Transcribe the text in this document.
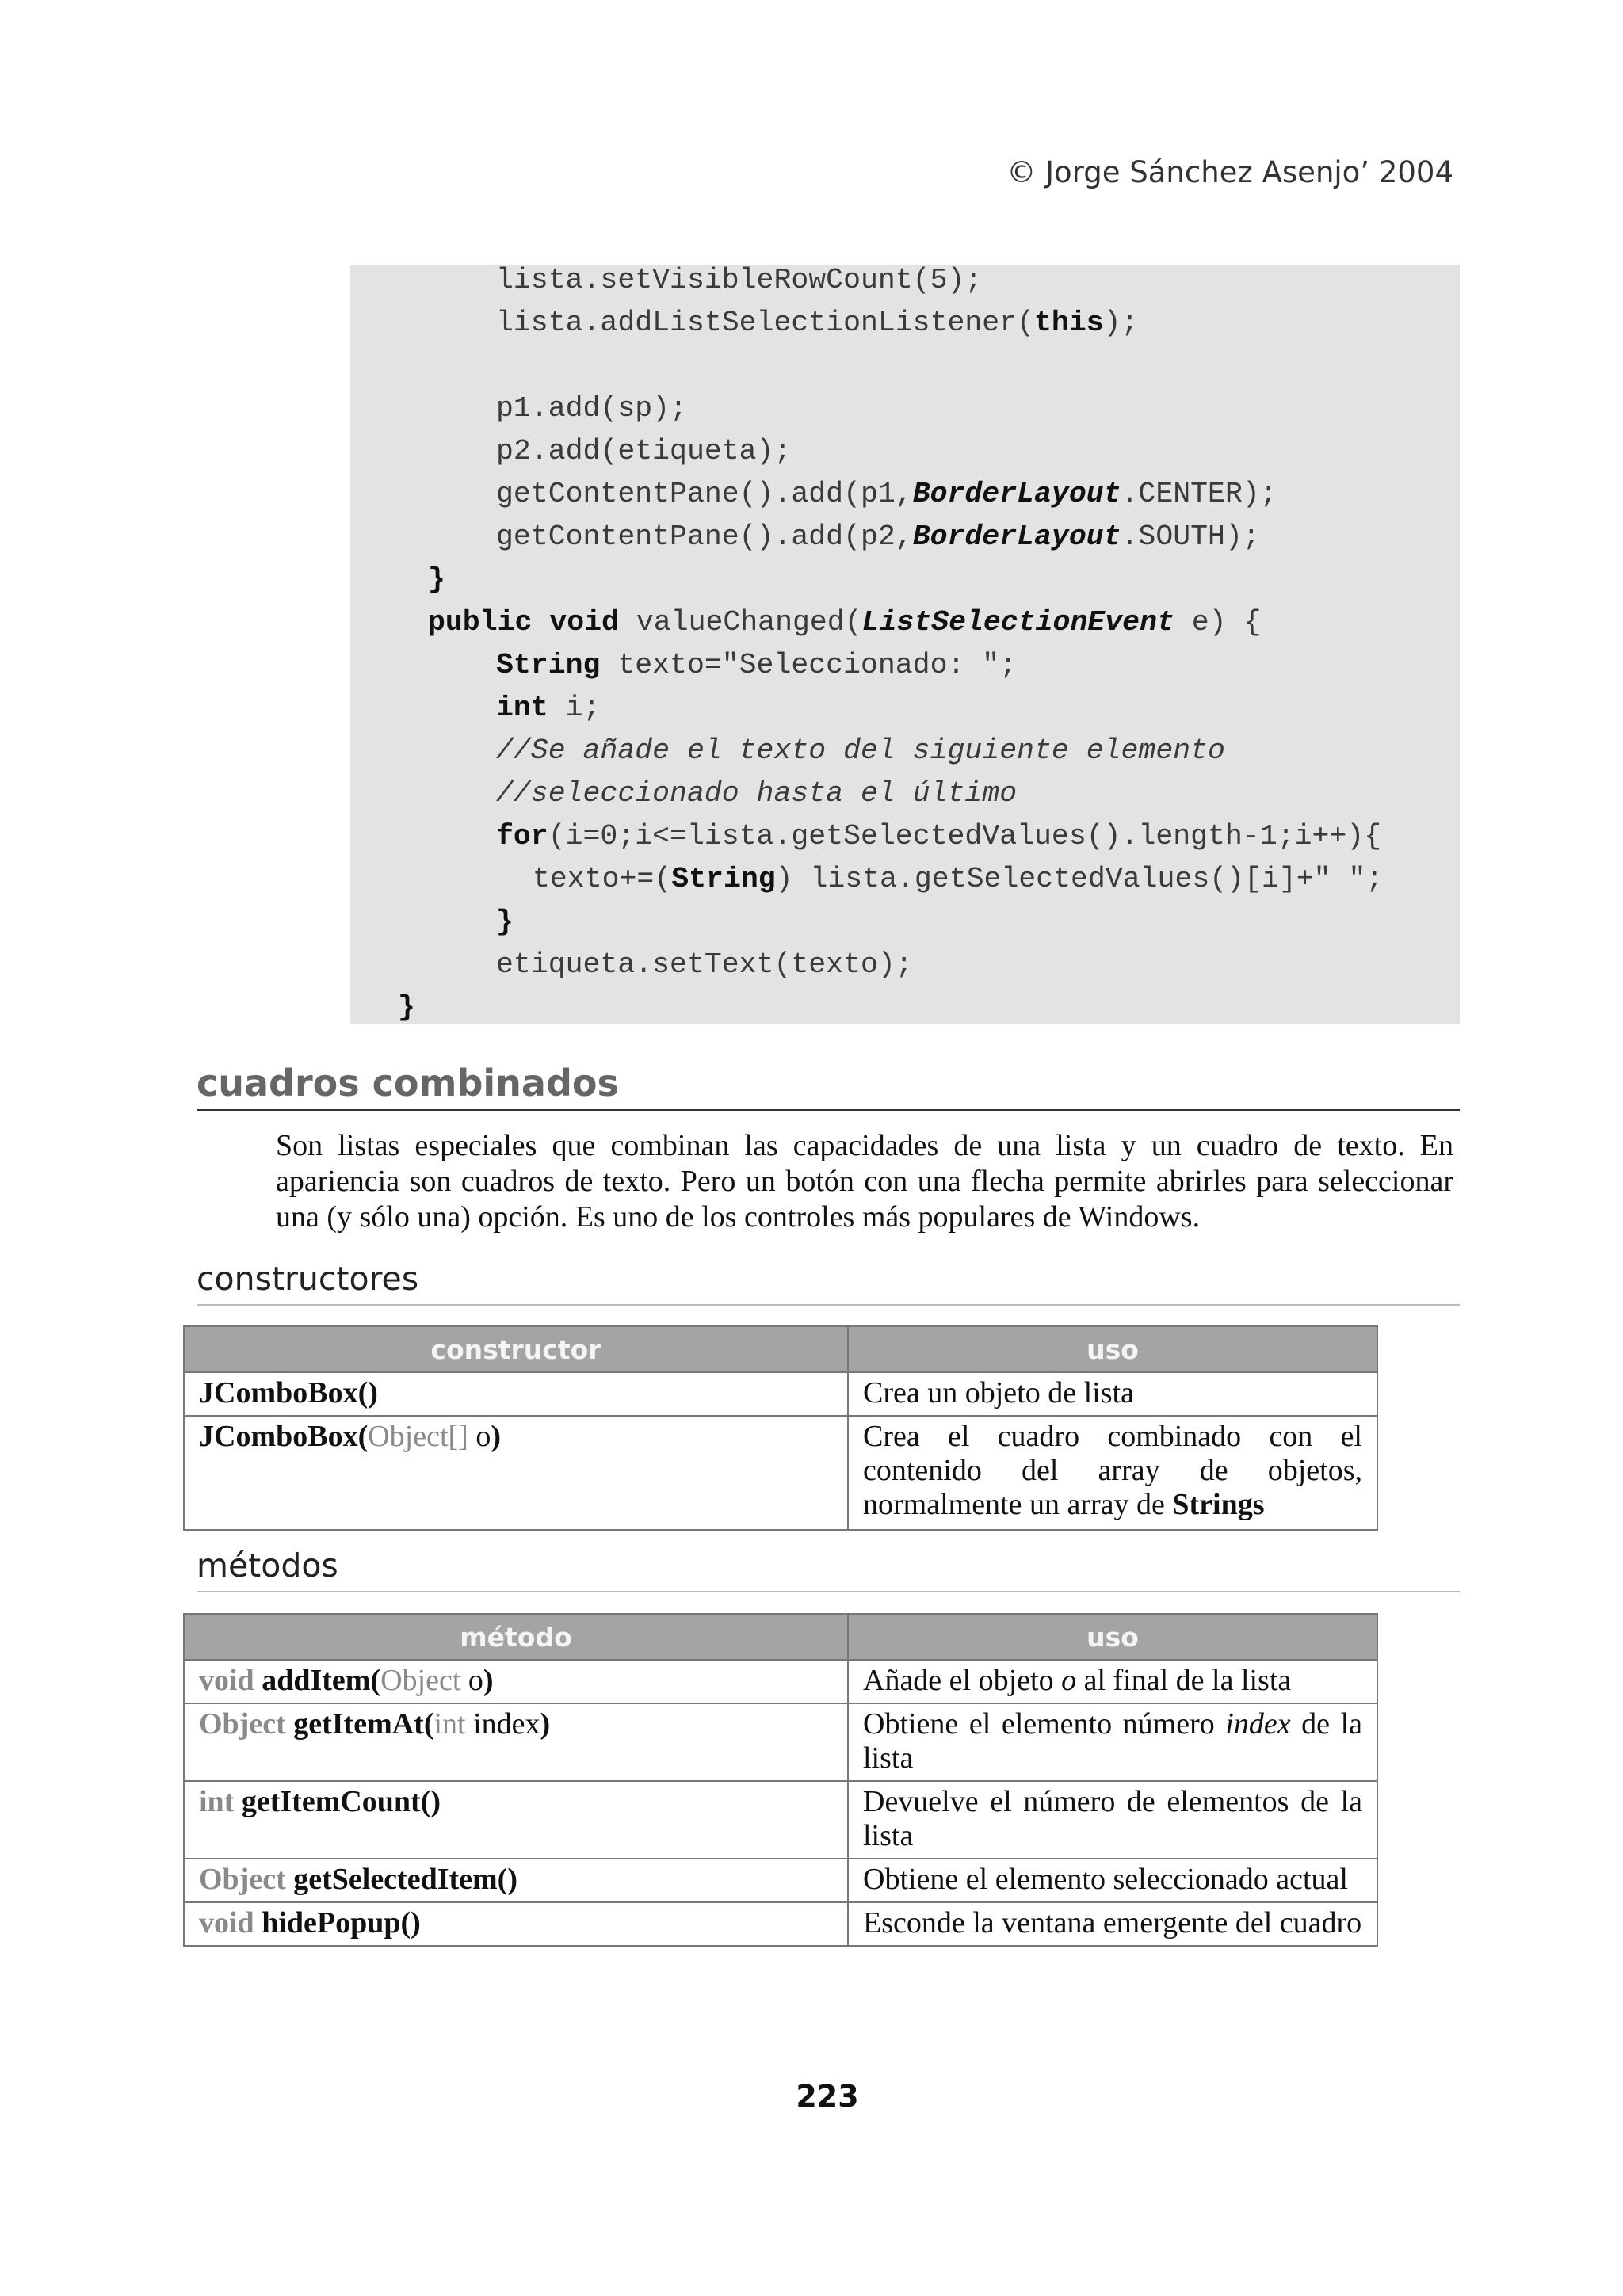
© Jorge Sánchez Asenjo’ 2004
lista.setVisibleRowCount(5);
lista.addListSelectionListener(this);
p1.add(sp);
p2.add(etiqueta);
getContentPane().add(p1,BorderLayout.CENTER);
getContentPane().add(p2,BorderLayout.SOUTH);
}
public void valueChanged(ListSelectionEvent e) {
String texto="Seleccionado: ";
int i;
//Se añade el texto del siguiente elemento
//seleccionado hasta el último
for(i=0;i<=lista.getSelectedValues().length-1;i++){
texto+=(String) lista.getSelectedValues()[i]+" ";
}
etiqueta.setText(texto);
}
cuadros combinados
Son listas especiales que combinan las capacidades de una lista y un cuadro de texto. En apariencia son cuadros de texto. Pero un botón con una flecha permite abrirles para seleccionar una (y sólo una) opción. Es uno de los controles más populares de Windows.
constructores
constructor	uso
JComboBox()	Crea un objeto de lista
JComboBox(Object[] o)	Crea el cuadro combinado con el contenido del array de objetos, normalmente un array de Strings
métodos
método	uso
void addItem(Object o)	Añade el objeto o al final de la lista
Object getItemAt(int index)	Obtiene el elemento número index de la lista
int getItemCount()	Devuelve el número de elementos de la lista
Object getSelectedItem()	Obtiene el elemento seleccionado actual
void hidePopup()	Esconde la ventana emergente del cuadro
223
